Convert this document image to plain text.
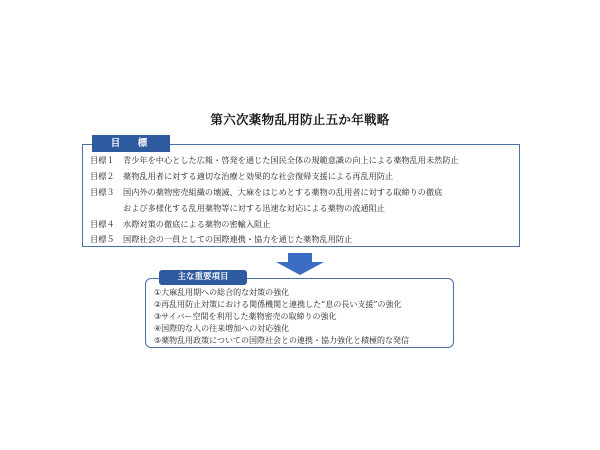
第六次薬物乱用防止五か年戦略
目　標
目標１	青少年を中心とした広報・啓発を通じた国民全体の規範意識の向上による薬物乱用未然防止
目標２	薬物乱用者に対する適切な治療と効果的な社会復帰支援による再乱用防止
目標３	国内外の薬物密売組織の壊滅、大麻をはじめとする薬物の乱用者に対する取締りの徹底
および多様化する乱用薬物等に対する迅速な対応による薬物の流通阻止
目標４	水際対策の徹底による薬物の密輸入阻止
目標５	国際社会の一員としての国際連携・協力を通じた薬物乱用防止
主な重要項目
①大麻乱用期への総合的な対策の強化
②再乱用防止対策における関係機関と連携した“息の長い支援”の強化
③サイバー空間を利用した薬物密売の取締りの強化
④国際的な人の往来増加への対応強化
⑤薬物乱用政策についての国際社会との連携・協力強化と積極的な発信
